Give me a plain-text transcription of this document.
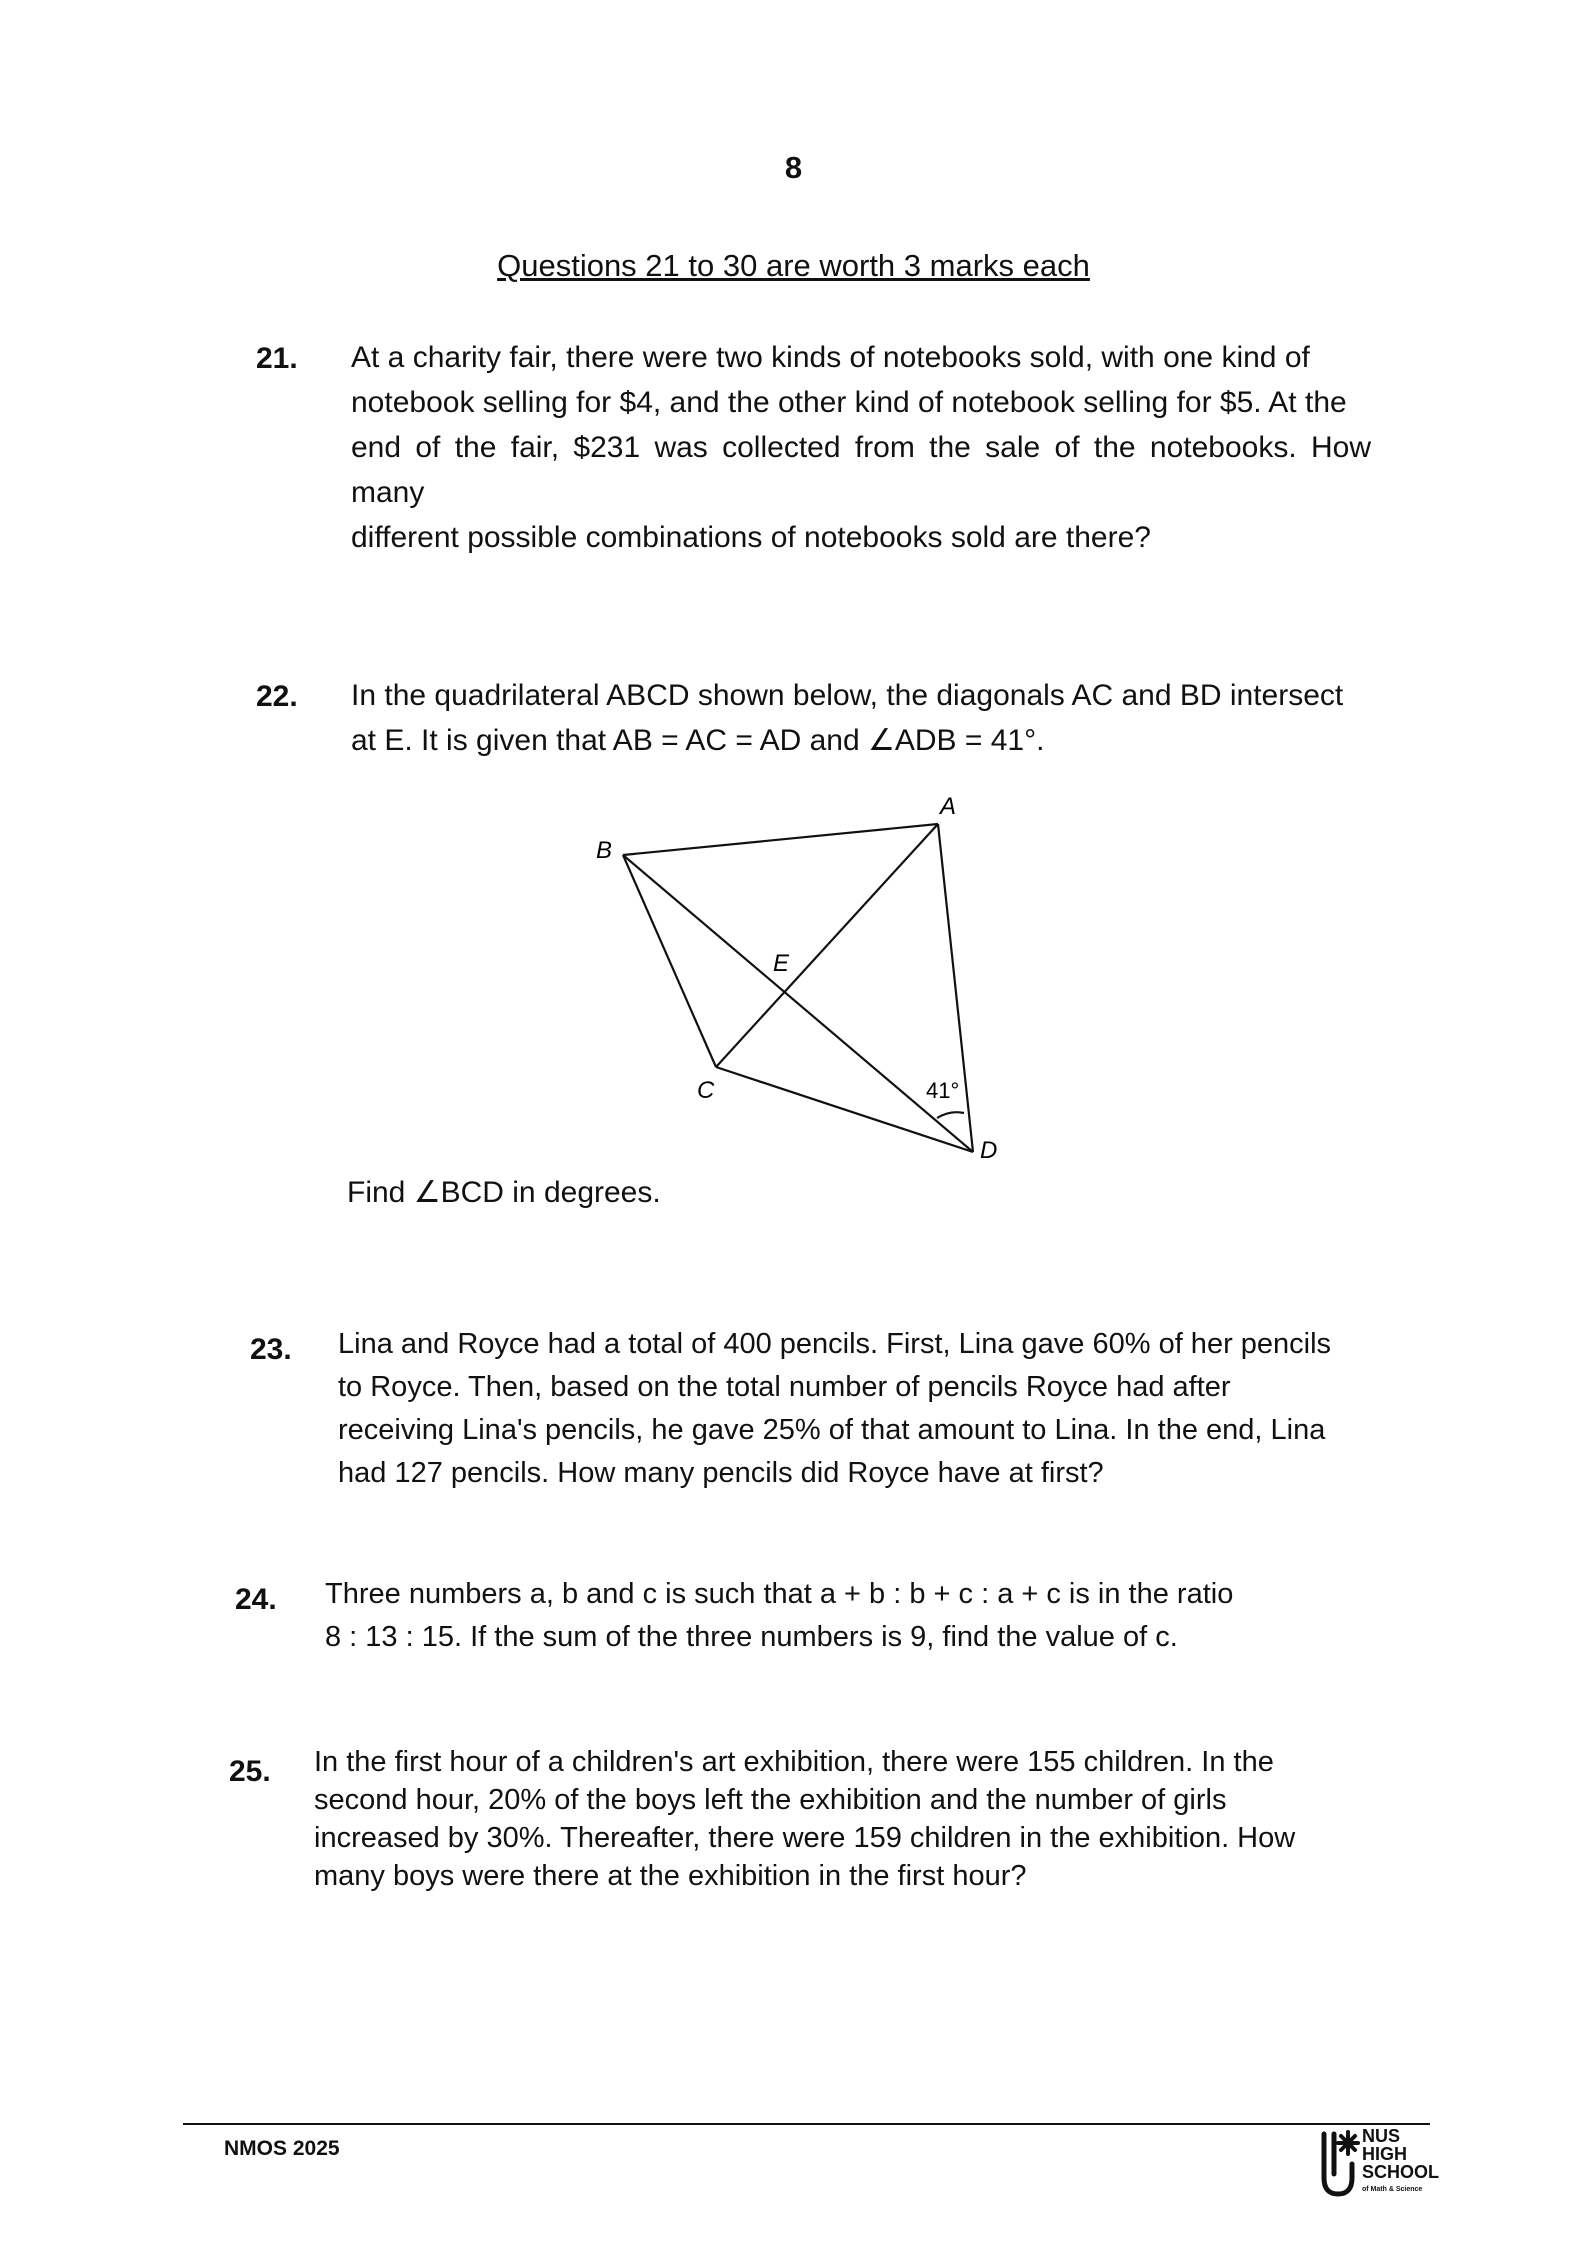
8
Questions 21 to 30 are worth 3 marks each
21. At a charity fair, there were two kinds of notebooks sold, with one kind of
notebook selling for $4, and the other kind of notebook selling for $5. At the
end of the fair, $231 was collected from the sale of the notebooks. How many
different possible combinations of notebooks sold are there?
22. In the quadrilateral ABCD shown below, the diagonals AC and BD intersect
at E. It is given that AB = AC = AD and ∠ADB = 41°.
A
B
C
D
E
41°
Find ∠BCD in degrees.
23. Lina and Royce had a total of 400 pencils. First, Lina gave 60% of her pencils
to Royce. Then, based on the total number of pencils Royce had after
receiving Lina's pencils, he gave 25% of that amount to Lina. In the end, Lina
had 127 pencils. How many pencils did Royce have at first?
24. Three numbers a, b and c is such that a + b : b + c : a + c is in the ratio
8 : 13 : 15. If the sum of the three numbers is 9, find the value of c.
25. In the first hour of a children's art exhibition, there were 155 children. In the
second hour, 20% of the boys left the exhibition and the number of girls
increased by 30%. Thereafter, there were 159 children in the exhibition. How
many boys were there at the exhibition in the first hour?
NMOS 2025
NUS
HIGH
SCHOOL
of Math & Science
